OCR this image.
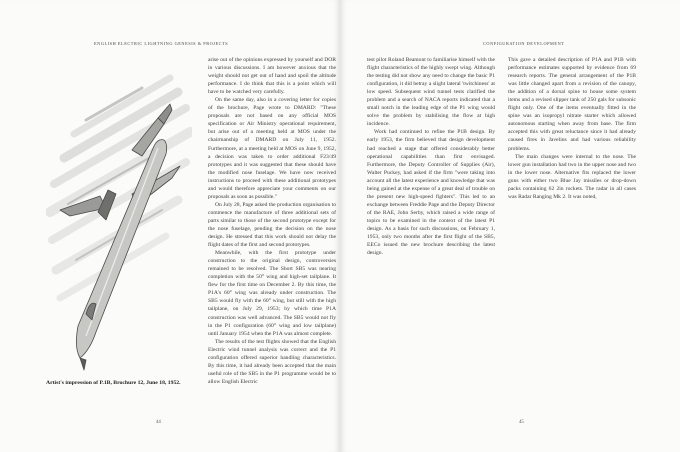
ENGLISH ELECTRIC LIGHTNING GENESIS & PROJECTS
Artist's impression of P.1B, Brochure 12, June 18, 1952.

arise out of the opinions expressed by yourself and DOR in various discussions. I am however anxious that the weight should not get out of hand and spoil the altitude performance. I do think that this is a point which will have to be watched very carefully.

On the same day, also in a covering letter for copies of the brochure, Page wrote to DMARD: "These proposals are not based on any official MOS specification or Air Ministry operational requirement, but arise out of a meeting held at MOS under the chairmanship of DMARD on July 11, 1952. Furthermore, at a meeting held at MOS on June 9, 1952, a decision was taken to order additional F23/49 prototypes and it was suggested that these should have the modified nose fuselage. We have now received instructions to proceed with these additional prototypes and would therefore appreciate your comments on our proposals as soon as possible."

On July 28, Page asked the production organisation to commence the manufacture of three additional sets of parts similar to those of the second prototype except for the nose fuselage, pending the decision on the nose design. He stressed that this work should not delay the flight dates of the first and second prototypes.

Meanwhile, with the first prototype under construction to the original design, controversies remained to be resolved. The Short SB5 was nearing completion with the 50° wing and high-set tailplane. It flew for the first time on December 2. By this time, the P1A's 60° wing was already under construction. The SB5 would fly with the 60° wing, but still with the high tailplane, on July 29, 1953; by which time P1A construction was well advanced. The SB5 would not fly in the P1 configuration (60° wing and low tailplane) until January 1954 when the P1A was almost complete.

The results of the test flights showed that the English Electric wind tunnel analysis was correct and the P1 configuration offered superior handling characteristics. By this time, it had already been accepted that the main useful role of the SB5 in the P1 programme would be to allow English Electric

44
CONFIGURATION DEVELOPMENT

test pilot Roland Beamont to familiarise himself with the flight characteristics of the highly swept wing. Although the testing did not show any need to change the basic P1 configuration, it did betray a slight lateral 'twitchiness' at low speed. Subsequent wind tunnel tests clarified the problem and a search of NACA reports indicated that a small notch in the leading edge of the P1 wing would solve the problem by stabilising the flow at high incidence.

Work had continued to refine the P1B design. By early 1953, the firm believed that design development had reached a stage that offered considerably better operational capabilities than first envisaged. Furthermore, the Deputy Controller of Supplies (Air), Walter Puckey, had asked if the firm "were taking into account all the latest experience and knowledge that was being gained at the expense of a great deal of trouble on the present new high-speed fighters". This led to an exchange between Freddie Page and the Deputy Director of the RAE, John Serby, which raised a wide range of topics to be examined in the context of the latest P1 design. As a basis for such discussions, on February 1, 1953, only two months after the first flight of the SB5, EECo issued the new brochure describing the latest design.

This gave a detailed description of P1A and P1B with performance estimates supported by evidence from 69 research reports. The general arrangement of the P1B was little changed apart from a revision of the canopy, the addition of a dorsal spine to house some system items and a revised slipper tank of 250 gals for subsonic flight only. One of the items eventually fitted in the spine was an isopropyl nitrate starter which allowed autonomous starting when away from base. The firm accepted this with great reluctance since it had already caused fires in Javelins and had various reliability problems.

The main changes were internal to the nose. The lower gun installation had two in the upper nose and two in the lower nose. Alternative fits replaced the lower guns with either two Blue Jay missiles or drop-down packs containing 62 2in rockets. The radar in all cases was Radar Ranging Mk 2. It was noted,

45
